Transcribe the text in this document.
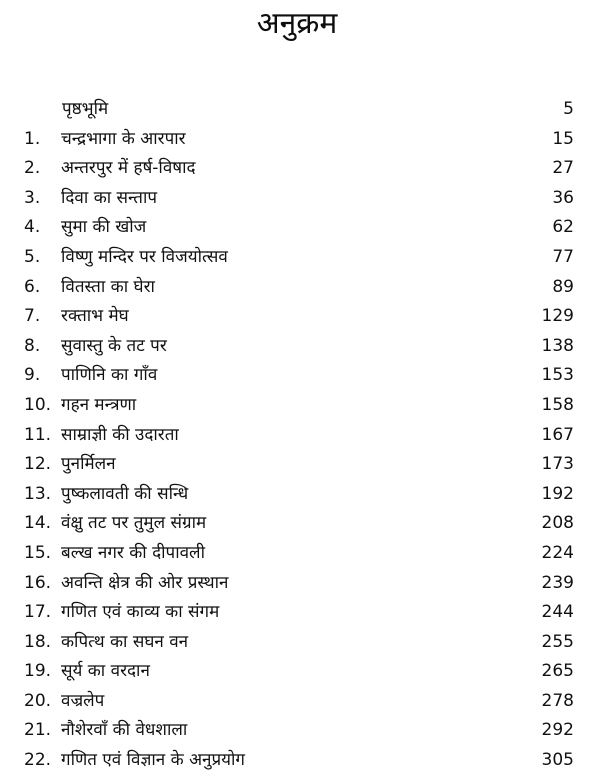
अनुक्रम
पृष्ठभूमि	5
1.	चन्द्रभागा के आरपार	15
2.	अन्तरपुर में हर्ष-विषाद	27
3.	दिवा का सन्ताप	36
4.	सुमा की खोज	62
5.	विष्णु मन्दिर पर विजयोत्सव	77
6.	वितस्ता का घेरा	89
7.	रक्ताभ मेघ	129
8.	सुवास्तु के तट पर	138
9.	पाणिनि का गाँव	153
10. गहन मन्त्रणा	158
11. साम्राज्ञी की उदारता	167
12. पुनर्मिलन	173
13. पुष्कलावती की सन्धि	192
14. वंक्षु तट पर तुमुल संग्राम	208
15. बल्ख नगर की दीपावली	224
16. अवन्ति क्षेत्र की ओर प्रस्थान	239
17. गणित एवं काव्य का संगम	244
18. कपित्थ का सघन वन	255
19. सूर्य का वरदान	265
20. वज्रलेप	278
21. नौशेरवाँ की वेधशाला	292
22. गणित एवं विज्ञान के अनुप्रयोग	305
